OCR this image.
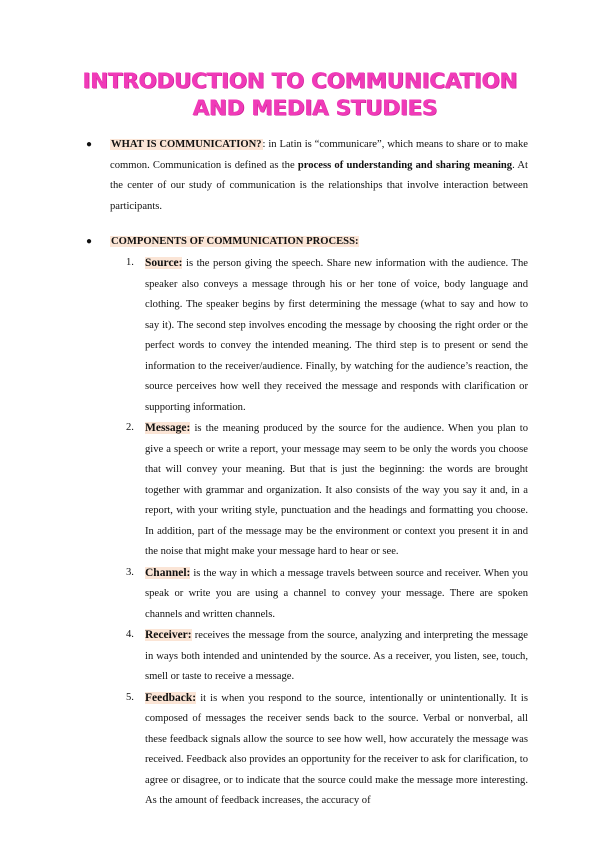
INTRODUCTION TO COMMUNICATION
AND MEDIA STUDIES
● WHAT IS COMMUNICATION?: in Latin is “communicare”, which means to share or to make common. Communication is defined as the process of understanding and sharing meaning. At the center of our study of communication is the relationships that involve interaction between participants.

● COMPONENTS OF COMMUNICATION PROCESS:

1. Source: is the person giving the speech. Share new information with the audience. The speaker also conveys a message through his or her tone of voice, body language and clothing. The speaker begins by first determining the message (what to say and how to say it). The second step involves encoding the message by choosing the right order or the perfect words to convey the intended meaning. The third step is to present or send the information to the receiver/audience. Finally, by watching for the audience’s reaction, the source perceives how well they received the message and responds with clarification or supporting information.
2. Message: is the meaning produced by the source for the audience. When you plan to give a speech or write a report, your message may seem to be only the words you choose that will convey your meaning. But that is just the beginning: the words are brought together with grammar and organization. It also consists of the way you say it and, in a report, with your writing style, punctuation and the headings and formatting you choose. In addition, part of the message may be the environment or context you present it in and the noise that might make your message hard to hear or see.
3. Channel: is the way in which a message travels between source and receiver. When you speak or write you are using a channel to convey your message. There are spoken channels and written channels.
4. Receiver: receives the message from the source, analyzing and interpreting the message in ways both intended and unintended by the source. As a receiver, you listen, see, touch, smell or taste to receive a message.
5. Feedback: it is when you respond to the source, intentionally or unintentionally. It is composed of messages the receiver sends back to the source. Verbal or nonverbal, all these feedback signals allow the source to see how well, how accurately the message was received. Feedback also provides an opportunity for the receiver to ask for clarification, to agree or disagree, or to indicate that the source could make the message more interesting. As the amount of feedback increases, the accuracy of
